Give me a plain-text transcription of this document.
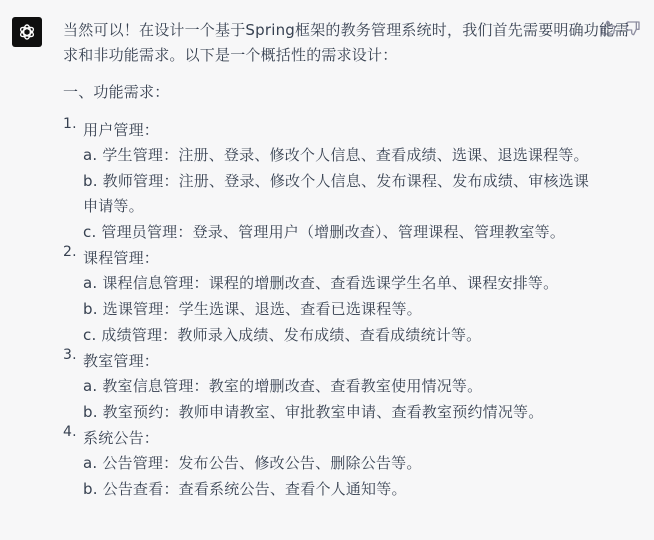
当然可以！在设计一个基于Spring框架的教务管理系统时，我们首先需要明确功能需求和非功能需求。以下是一个概括性的需求设计：

一、功能需求：

1. 用户管理：
a. 学生管理：注册、登录、修改个人信息、查看成绩、选课、退选课程等。
b. 教师管理：注册、登录、修改个人信息、发布课程、发布成绩、审核选课申请等。
c. 管理员管理：登录、管理用户（增删改查）、管理课程、管理教室等。
2. 课程管理：
a. 课程信息管理：课程的增删改查、查看选课学生名单、课程安排等。
b. 选课管理：学生选课、退选、查看已选课程等。
c. 成绩管理：教师录入成绩、发布成绩、查看成绩统计等。
3. 教室管理：
a. 教室信息管理：教室的增删改查、查看教室使用情况等。
b. 教室预约：教师申请教室、审批教室申请、查看教室预约情况等。
4. 系统公告：
a. 公告管理：发布公告、修改公告、删除公告等。
b. 公告查看：查看系统公告、查看个人通知等。
